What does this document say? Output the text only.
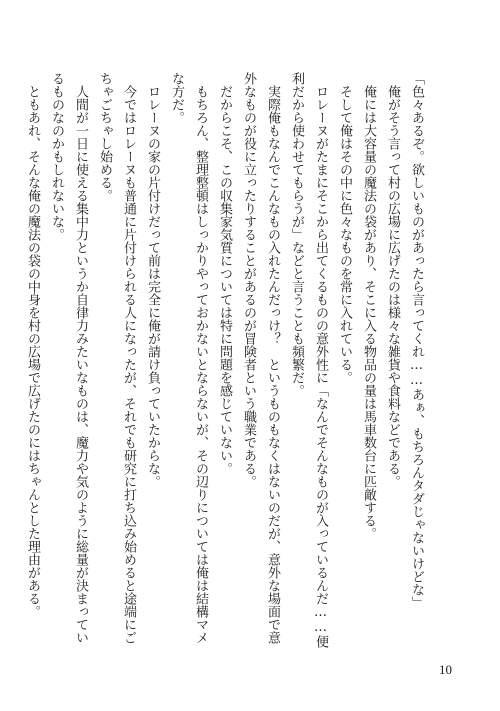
「色々あるぞ。欲しいものがあったら言ってくれ……あぁ、もちろんタダじゃないけどな」
　俺がそう言って村の広場に広げたのは様々な雑貨や食料などである。
　俺には大容量の魔法の袋があり、そこに入る物品の量は馬車数台に匹敵する。
　そして俺はその中に色々なものを常に入れている。
　ロレーヌがたまにそこから出てくるものの意外性に「なんでそんなものが入っているんだ……便
利だから使わせてもらうが」などと言うことも頻繁だ。
　実際俺もなんでこんなもの入れたんだっけ？　というものもなくはないのだが、意外な場面で意
外なものが役に立ったりすることがあるのが冒険者という職業である。
　だからこそ、この収集家気質については特に問題を感じていない。
　もちろん、整理整頓はしっかりやっておかないとならないが、その辺りについては俺は結構マメ
な方だ。
　ロレーヌの家の片付けだって前は完全に俺が請け負っていたからな。
　今ではロレーヌも普通に片付けられる人になったが、それでも研究に打ち込み始めると途端にご
ちゃごちゃし始める。
　人間が一日に使える集中力というか自律力みたいなものは、魔力や気のように総量が決まってい
るものなのかもしれないな。
　ともあれ、そんな俺の魔法の袋の中身を村の広場で広げたのにはちゃんとした理由がある。
10
